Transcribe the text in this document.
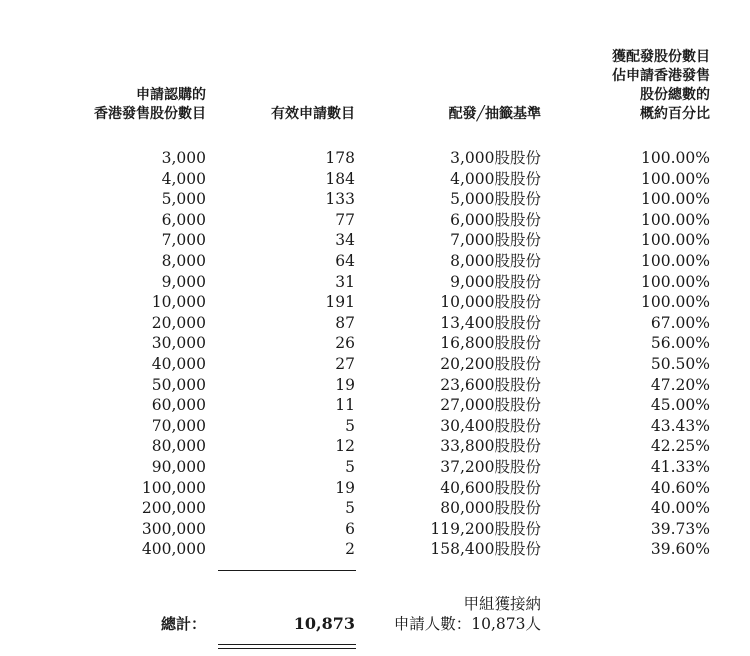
申請認購的
香港發售股份數目	有效申請數目	配發╱抽籤基準
獲配發股份數目
佔申請香港發售
股份總數的
概約百分比
3,000	178	3,000股股份	100.00%
4,000	184	4,000股股份	100.00%
5,000	133	5,000股股份	100.00%
6,000	77	6,000股股份	100.00%
7,000	34	7,000股股份	100.00%
8,000	64	8,000股股份	100.00%
9,000	31	9,000股股份	100.00%
10,000	191	10,000股股份	100.00%
20,000	87	13,400股股份	67.00%
30,000	26	16,800股股份	56.00%
40,000	27	20,200股股份	50.50%
50,000	19	23,600股股份	47.20%
60,000	11	27,000股股份	45.00%
70,000	5	30,400股股份	43.43%
80,000	12	33,800股股份	42.25%
90,000	5	37,200股股份	41.33%
100,000	19	40,600股股份	40.60%
200,000	5	80,000股股份	40.00%
300,000	6	119,200股股份	39.73%
400,000	2	158,400股股份	39.60%
甲組獲接納
總計：	10,873	申請人數：10,873人
